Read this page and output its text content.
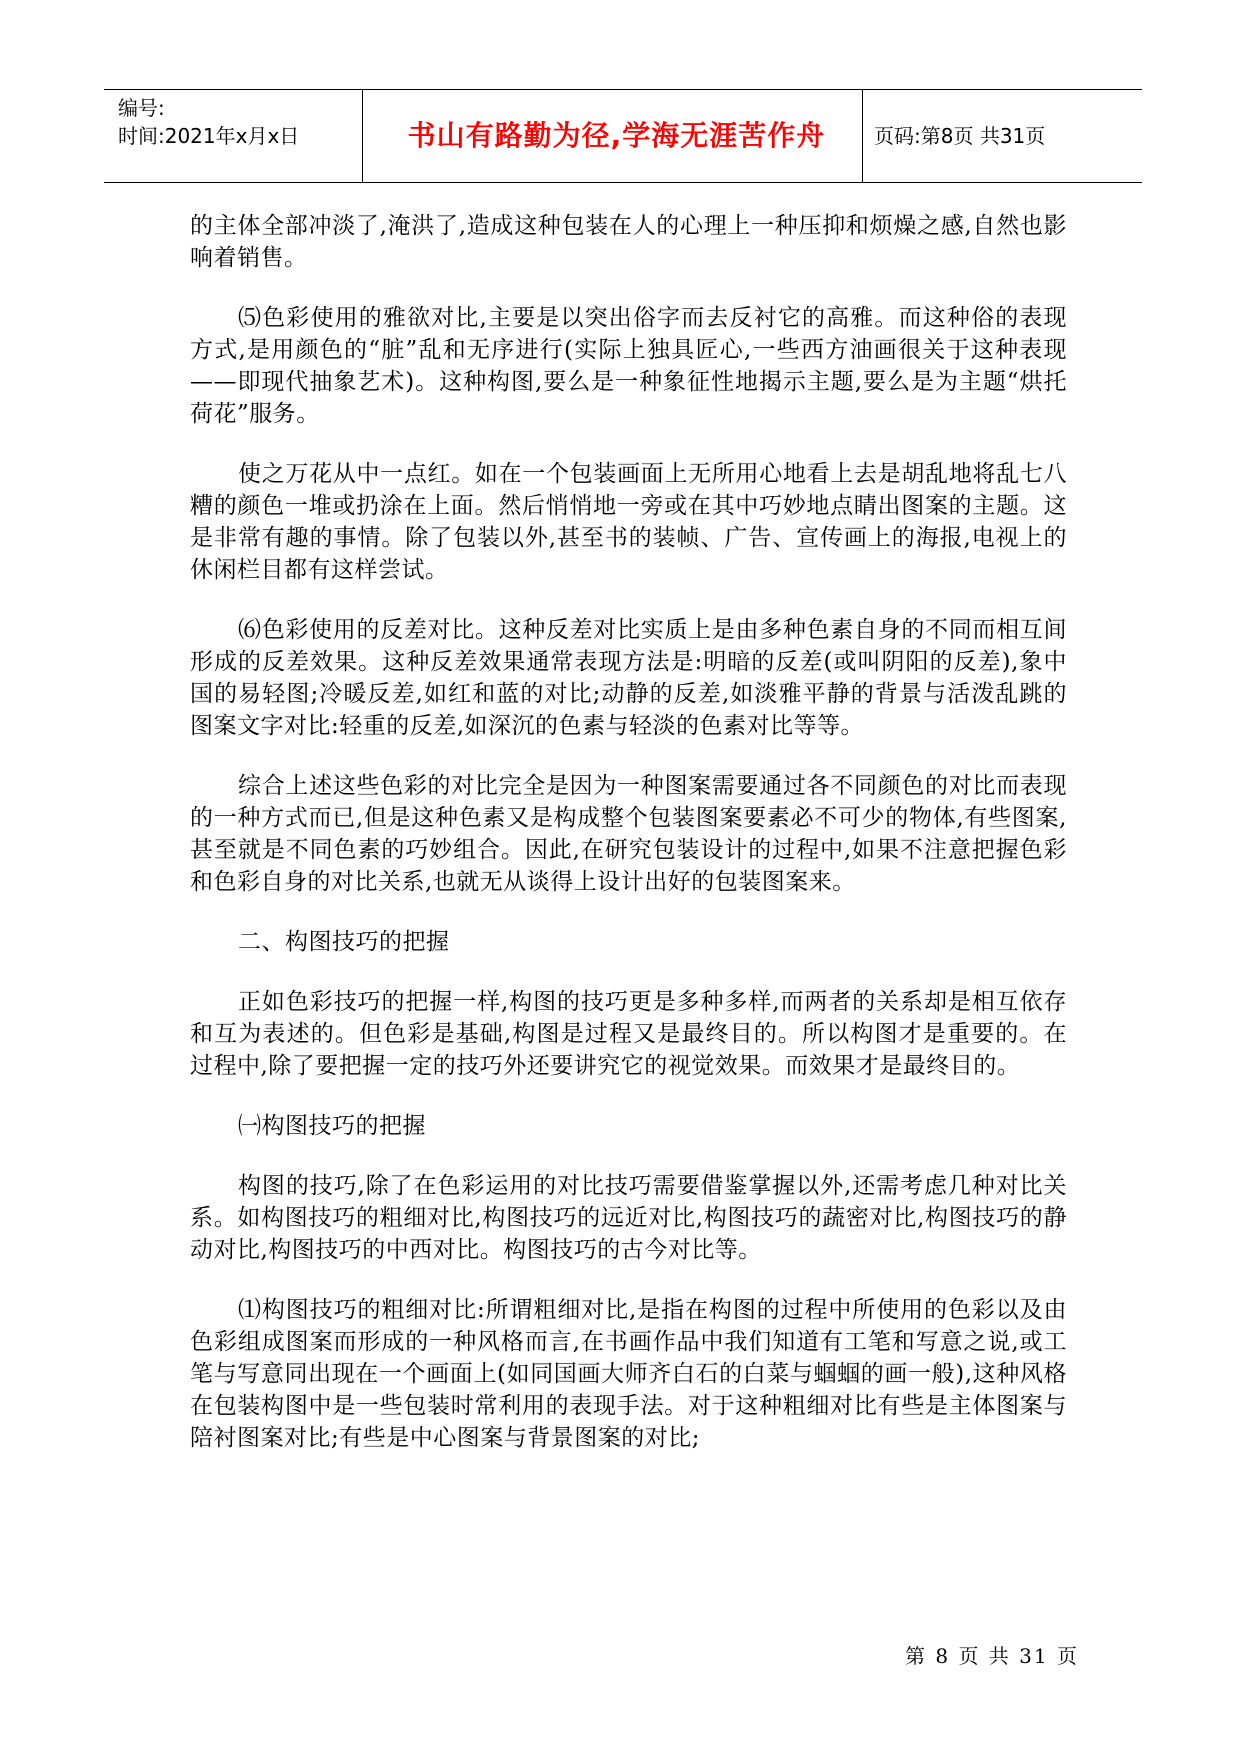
编号:
时间:2021年x月x日	书山有路勤为径,学海无涯苦作舟	页码:第8页 共31页

的主体全部冲淡了,淹洪了,造成这种包装在人的心理上一种压抑和烦燥之感,自然也影响着销售。

⑸色彩使用的雅欲对比,主要是以突出俗字而去反衬它的高雅。而这种俗的表现方式,是用颜色的“脏”乱和无序进行(实际上独具匠心,一些西方油画很关于这种表现——即现代抽象艺术)。这种构图,要么是一种象征性地揭示主题,要么是为主题“烘托荷花”服务。

使之万花从中一点红。如在一个包装画面上无所用心地看上去是胡乱地将乱七八糟的颜色一堆或扔涂在上面。然后悄悄地一旁或在其中巧妙地点睛出图案的主题。这是非常有趣的事情。除了包装以外,甚至书的装帧、广告、宣传画上的海报,电视上的休闲栏目都有这样尝试。

⑹色彩使用的反差对比。这种反差对比实质上是由多种色素自身的不同而相互间形成的反差效果。这种反差效果通常表现方法是:明暗的反差(或叫阴阳的反差),象中国的易轻图;冷暖反差,如红和蓝的对比;动静的反差,如淡雅平静的背景与活泼乱跳的图案文字对比:轻重的反差,如深沉的色素与轻淡的色素对比等等。

综合上述这些色彩的对比完全是因为一种图案需要通过各不同颜色的对比而表现的一种方式而已,但是这种色素又是构成整个包装图案要素必不可少的物体,有些图案,甚至就是不同色素的巧妙组合。因此,在研究包装设计的过程中,如果不注意把握色彩和色彩自身的对比关系,也就无从谈得上设计出好的包装图案来。

二、构图技巧的把握

正如色彩技巧的把握一样,构图的技巧更是多种多样,而两者的关系却是相互依存和互为表述的。但色彩是基础,构图是过程又是最终目的。所以构图才是重要的。在过程中,除了要把握一定的技巧外还要讲究它的视觉效果。而效果才是最终目的。

㈠构图技巧的把握

构图的技巧,除了在色彩运用的对比技巧需要借鉴掌握以外,还需考虑几种对比关系。如构图技巧的粗细对比,构图技巧的远近对比,构图技巧的蔬密对比,构图技巧的静动对比,构图技巧的中西对比。构图技巧的古今对比等。

⑴构图技巧的粗细对比:所谓粗细对比,是指在构图的过程中所使用的色彩以及由色彩组成图案而形成的一种风格而言,在书画作品中我们知道有工笔和写意之说,或工笔与写意同出现在一个画面上(如同国画大师齐白石的白菜与蝈蝈的画一般),这种风格在包装构图中是一些包装时常利用的表现手法。对于这种粗细对比有些是主体图案与陪衬图案对比;有些是中心图案与背景图案的对比;

第 8 页 共 31 页
